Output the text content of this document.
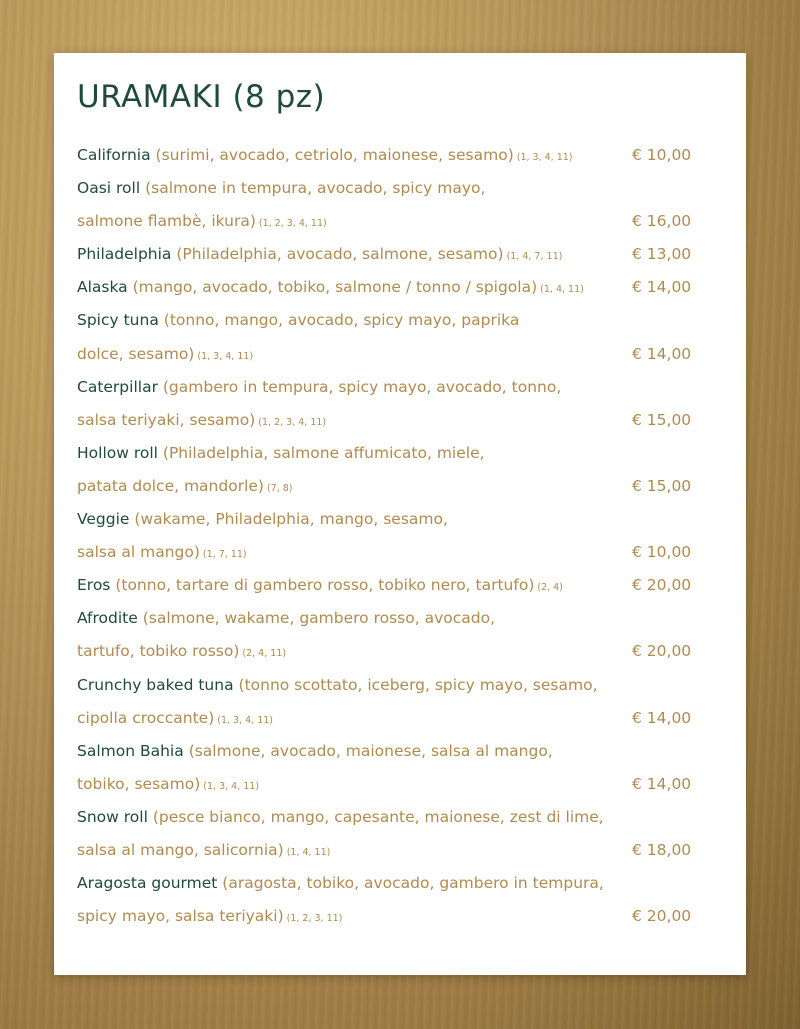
URAMAKI (8 pz)
California (surimi, avocado, cetriolo, maionese, sesamo) (1, 3, 4, 11)	€ 10,00
Oasi roll (salmone in tempura, avocado, spicy mayo,
salmone flambè, ikura) (1, 2, 3, 4, 11)	€ 16,00
Philadelphia (Philadelphia, avocado, salmone, sesamo) (1, 4, 7, 11)	€ 13,00
Alaska (mango, avocado, tobiko, salmone / tonno / spigola) (1, 4, 11)	€ 14,00
Spicy tuna (tonno, mango, avocado, spicy mayo, paprika
dolce, sesamo) (1, 3, 4, 11)	€ 14,00
Caterpillar (gambero in tempura, spicy mayo, avocado, tonno,
salsa teriyaki, sesamo) (1, 2, 3, 4, 11)	€ 15,00
Hollow roll (Philadelphia, salmone affumicato, miele,
patata dolce, mandorle) (7, 8)	€ 15,00
Veggie (wakame, Philadelphia, mango, sesamo,
salsa al mango) (1, 7, 11)	€ 10,00
Eros (tonno, tartare di gambero rosso, tobiko nero, tartufo) (2, 4)	€ 20,00
Afrodite (salmone, wakame, gambero rosso, avocado,
tartufo, tobiko rosso) (2, 4, 11)	€ 20,00
Crunchy baked tuna (tonno scottato, iceberg, spicy mayo, sesamo,
cipolla croccante) (1, 3, 4, 11)	€ 14,00
Salmon Bahia (salmone, avocado, maionese, salsa al mango,
tobiko, sesamo) (1, 3, 4, 11)	€ 14,00
Snow roll (pesce bianco, mango, capesante, maionese, zest di lime,
salsa al mango, salicornia) (1, 4, 11)	€ 18,00
Aragosta gourmet (aragosta, tobiko, avocado, gambero in tempura,
spicy mayo, salsa teriyaki) (1, 2, 3, 11)	€ 20,00
